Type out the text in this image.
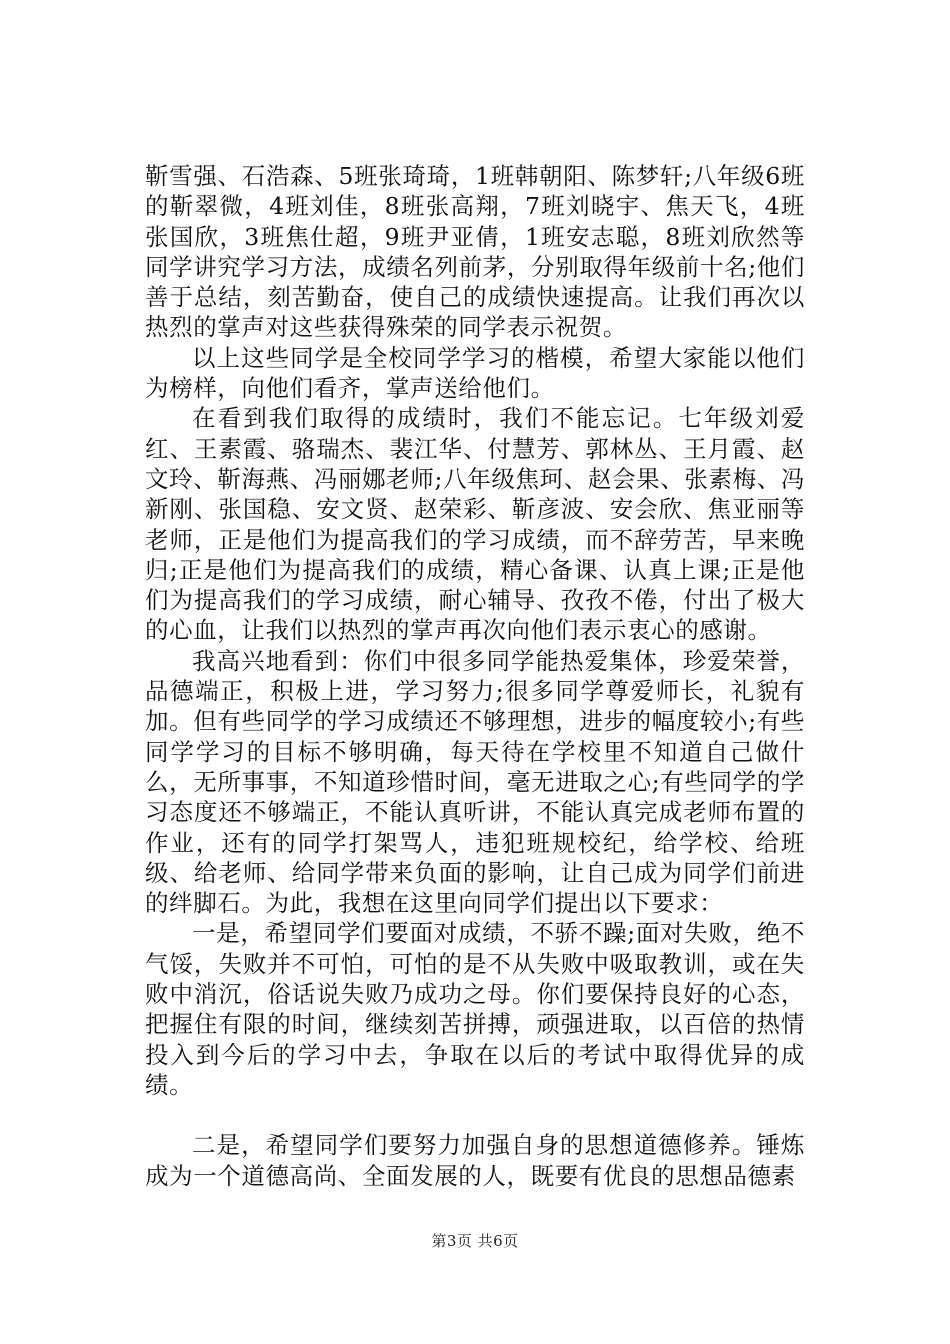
靳雪强、石浩森、5班张琦琦，1班韩朝阳、陈梦轩;八年级6班的靳翠微，4班刘佳，8班张高翔，7班刘晓宇、焦天飞，4班张国欣，3班焦仕超，9班尹亚倩，1班安志聪，8班刘欣然等同学讲究学习方法，成绩名列前茅，分别取得年级前十名;他们善于总结，刻苦勤奋，使自己的成绩快速提高。让我们再次以热烈的掌声对这些获得殊荣的同学表示祝贺。

以上这些同学是全校同学学习的楷模，希望大家能以他们为榜样，向他们看齐，掌声送给他们。

在看到我们取得的成绩时，我们不能忘记。七年级刘爱红、王素霞、骆瑞杰、裴江华、付慧芳、郭林丛、王月霞、赵文玲、靳海燕、冯丽娜老师;八年级焦珂、赵会果、张素梅、冯新刚、张国稳、安文贤、赵荣彩、靳彦波、安会欣、焦亚丽等老师，正是他们为提高我们的学习成绩，而不辞劳苦，早来晚归;正是他们为提高我们的成绩，精心备课、认真上课;正是他们为提高我们的学习成绩，耐心辅导、孜孜不倦，付出了极大的心血，让我们以热烈的掌声再次向他们表示衷心的感谢。

我高兴地看到：你们中很多同学能热爱集体，珍爱荣誉，品德端正，积极上进，学习努力;很多同学尊爱师长，礼貌有加。但有些同学的学习成绩还不够理想，进步的幅度较小;有些同学学习的目标不够明确，每天待在学校里不知道自己做什么，无所事事，不知道珍惜时间，毫无进取之心;有些同学的学习态度还不够端正，不能认真听讲，不能认真完成老师布置的作业，还有的同学打架骂人，违犯班规校纪，给学校、给班级、给老师、给同学带来负面的影响，让自己成为同学们前进的绊脚石。为此，我想在这里向同学们提出以下要求：

一是，希望同学们要面对成绩，不骄不躁;面对失败，绝不气馁，失败并不可怕，可怕的是不从失败中吸取教训，或在失败中消沉，俗话说失败乃成功之母。你们要保持良好的心态，把握住有限的时间，继续刻苦拼搏，顽强进取，以百倍的热情投入到今后的学习中去，争取在以后的考试中取得优异的成绩。

二是，希望同学们要努力加强自身的思想道德修养。锤炼成为一个道德高尚、全面发展的人，既要有优良的思想品德素

第3页 共6页
